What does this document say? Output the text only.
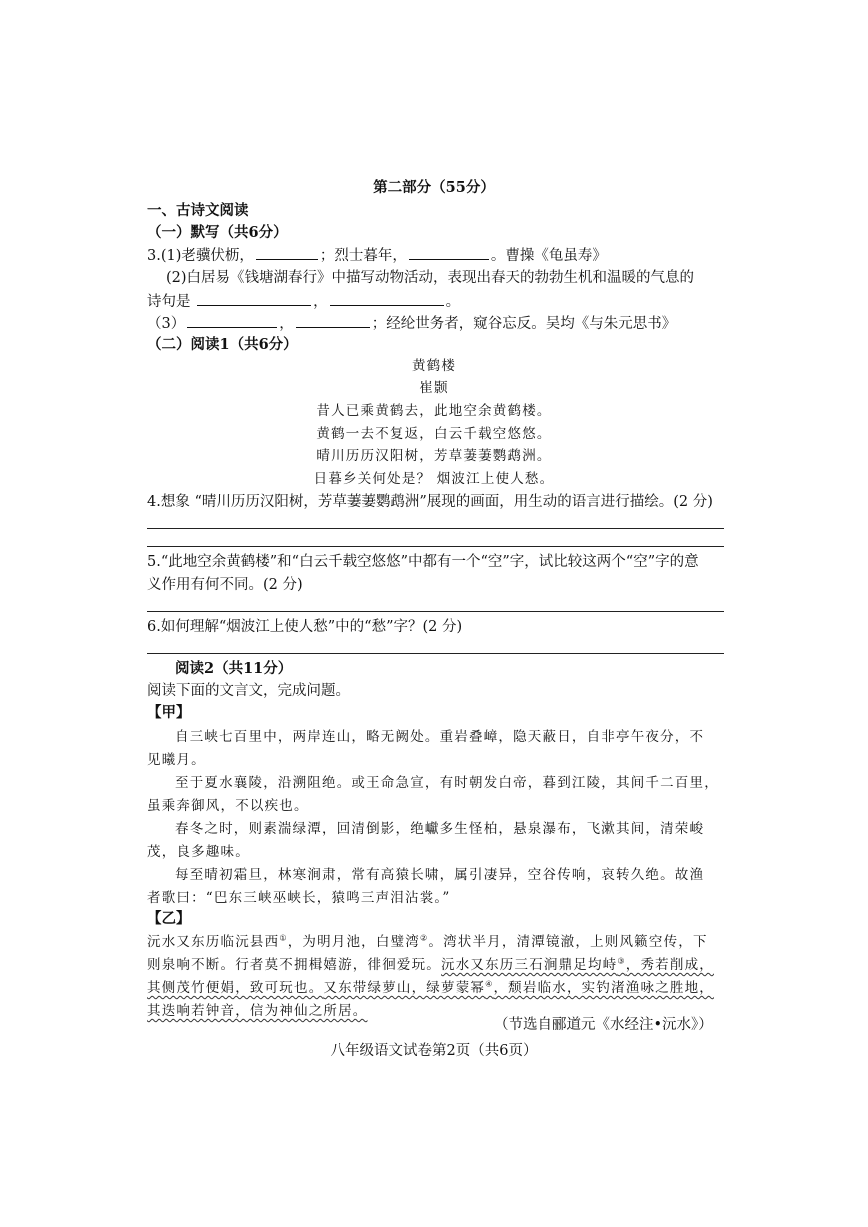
第二部分（55分）
一、古诗文阅读
（一）默写（共6分）
3.(1)老骥伏枥，	；烈士暮年，	。曹操《龟虽寿》
(2)白居易《钱塘湖春行》中描写动物活动，表现出春天的勃勃生机和温暖的气息的
诗句是	，	。
（3）	，	；经纶世务者，窥谷忘反。吴均《与朱元思书》
（二）阅读1（共6分）
黄鹤楼
崔颢
昔人已乘黄鹤去，此地空余黄鹤楼。
黄鹤一去不复返，白云千载空悠悠。
晴川历历汉阳树，芳草萋萋鹦鹉洲。
日暮乡关何处是？ 烟波江上使人愁。
4.想象 “晴川历历汉阳树，芳草萋萋鹦鹉洲”展现的画面，用生动的语言进行描绘。(2 分)
5.“此地空余黄鹤楼”和“白云千载空悠悠”中都有一个“空”字，试比较这两个“空”字的意
义作用有何不同。(2 分)
6.如何理解“烟波江上使人愁”中的“愁”字？(2 分)
阅读2（共11分）
阅读下面的文言文，完成问题。
【甲】
自三峡七百里中，两岸连山，略无阙处。重岩叠嶂，隐天蔽日，自非亭午夜分，不
见曦月。
至于夏水襄陵，沿溯阻绝。或王命急宣，有时朝发白帝，暮到江陵，其间千二百里，
虽乘奔御风，不以疾也。
春冬之时，则素湍绿潭，回清倒影，绝巘多生怪柏，悬泉瀑布，飞漱其间，清荣峻
茂，良多趣味。
每至晴初霜旦，林寒涧肃，常有高猿长啸，属引凄异，空谷传响，哀转久绝。故渔
者歌曰：“巴东三峡巫峡长，猿鸣三声泪沾裳。”
【乙】
沅水又东历临沅县西①，为明月池，白璧湾②。湾状半月，清潭镜澈，上则风籁空传，下
则泉响不断。行者莫不拥楫嬉游，徘徊爱玩。沅水又东历三石涧鼎足均峙③，秀若削成，
其侧茂竹便娟，致可玩也。又东带绿萝山，绿萝蒙幂④，颓岩临水，实钓渚渔咏之胜地，
其迭响若钟音，信为神仙之所居。
（节选自郦道元《水经注•沅水》）
八年级语文试卷第2页（共6页）
